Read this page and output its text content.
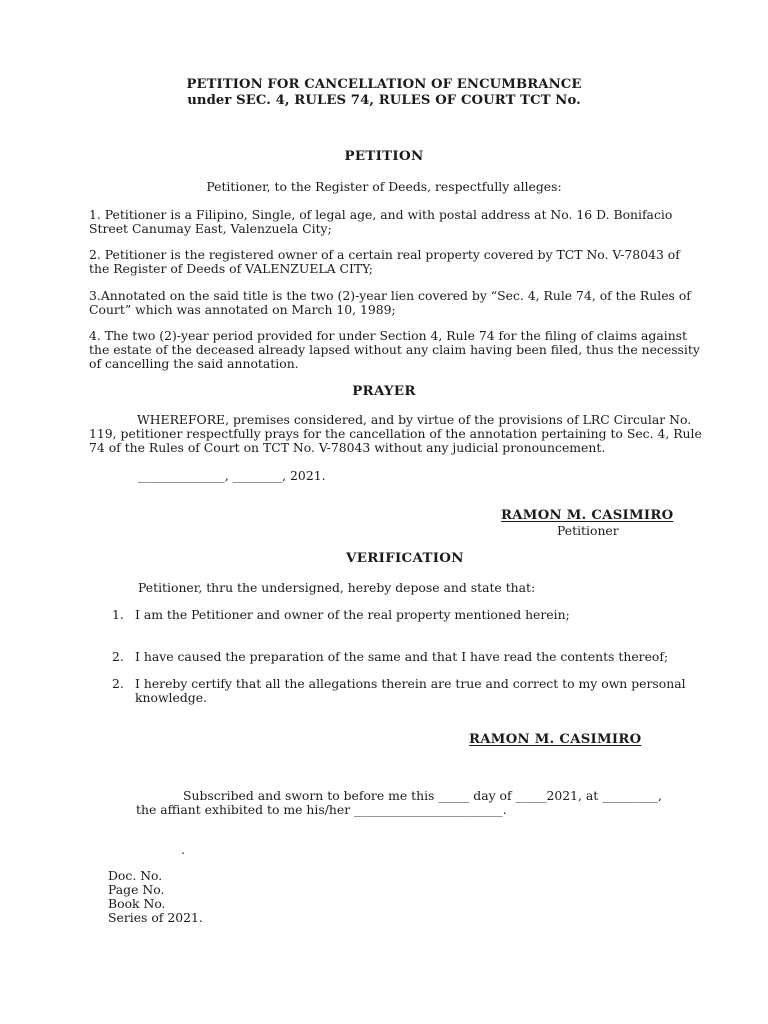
PETITION FOR CANCELLATION OF ENCUMBRANCE
under SEC. 4, RULES 74, RULES OF COURT TCT No.
PETITION
Petitioner, to the Register of Deeds, respectfully alleges:
1. Petitioner is a Filipino, Single, of legal age, and with postal address at No. 16 D. Bonifacio
Street Canumay East, Valenzuela City;
2. Petitioner is the registered owner of a certain real property covered by TCT No. V-78043 of
the Register of Deeds of VALENZUELA CITY;
3.Annotated on the said title is the two (2)-year lien covered by “Sec. 4, Rule 74, of the Rules of
Court” which was annotated on March 10, 1989;
4. The two (2)-year period provided for under Section 4, Rule 74 for the filing of claims against
the estate of the deceased already lapsed without any claim having been filed, thus the necessity
of cancelling the said annotation.
PRAYER
WHEREFORE, premises considered, and by virtue of the provisions of LRC Circular No.
119, petitioner respectfully prays for the cancellation of the annotation pertaining to Sec. 4, Rule
74 of the Rules of Court on TCT No. V-78043 without any judicial pronouncement.
______________, ________, 2021.
RAMON M. CASIMIRO
Petitioner
VERIFICATION
Petitioner, thru the undersigned, hereby depose and state that:
1. I am the Petitioner and owner of the real property mentioned herein;
2. I have caused the preparation of the same and that I have read the contents thereof;
2. I hereby certify that all the allegations therein are true and correct to my own personal
knowledge.
RAMON M. CASIMIRO
Subscribed and sworn to before me this _____ day of _____2021, at _________,
the affiant exhibited to me his/her ________________________.
.
Doc. No.
Page No.
Book No.
Series of 2021.
